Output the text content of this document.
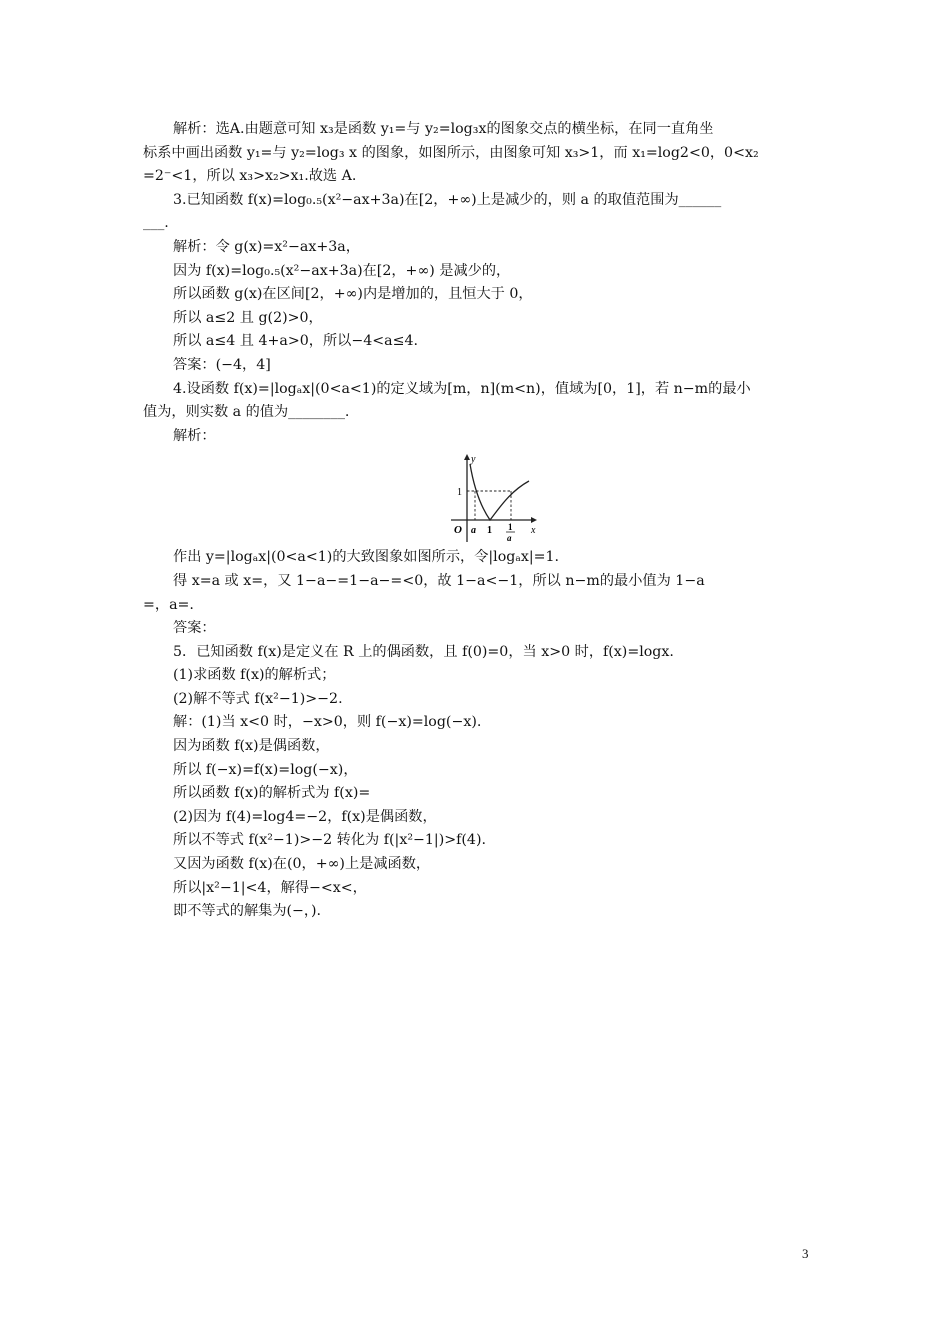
解析：选A.由题意可知 x₃是函数 y₁=与 y₂=log₃x的图象交点的横坐标，在同一直角坐
标系中画出函数 y₁=与 y₂=log₃ x 的图象，如图所示，由图象可知 x₃>1，而 x₁=log2<0，0<x₂
=2⁻<1，所以 x₃>x₂>x₁.故选 A.
3.已知函数 f(x)=log₀.₅(x²−ax+3a)在[2，+∞)上是减少的，则 a 的取值范围为______
___.
解析：令 g(x)=x²−ax+3a，
因为 f(x)=log₀.₅(x²−ax+3a)在[2，+∞) 是减少的，
所以函数 g(x)在区间[2，+∞)内是增加的，且恒大于 0，
所以 a≤2 且 g(2)>0，
所以 a≤4 且 4+a>0，所以−4<a≤4.
答案：(−4，4]
4.设函数 f(x)=|logₐx|(0<a<1)的定义域为[m，n](m<n)，值域为[0，1]，若 n−m的最小
值为，则实数 a 的值为________.
解析：
y
x
O
1
a 1 1
a
作出 y=|logₐx|(0<a<1)的大致图象如图所示，令|logₐx|=1.
得 x=a 或 x=，又 1−a−=1−a−=<0，故 1−a<−1，所以 n−m的最小值为 1−a
=，a=.
答案：
5．已知函数 f(x)是定义在 R 上的偶函数，且 f(0)=0，当 x>0 时，f(x)=logx.
(1)求函数 f(x)的解析式；
(2)解不等式 f(x²−1)>−2.
解：(1)当 x<0 时，−x>0，则 f(−x)=log(−x).
因为函数 f(x)是偶函数，
所以 f(−x)=f(x)=log(−x)，
所以函数 f(x)的解析式为 f(x)=
(2)因为 f(4)=log4=−2，f(x)是偶函数，
所以不等式 f(x²−1)>−2 转化为 f(|x²−1|)>f(4).
又因为函数 f(x)在(0，+∞)上是减函数，
所以|x²−1|<4，解得−<x<，
即不等式的解集为(−，).
3
